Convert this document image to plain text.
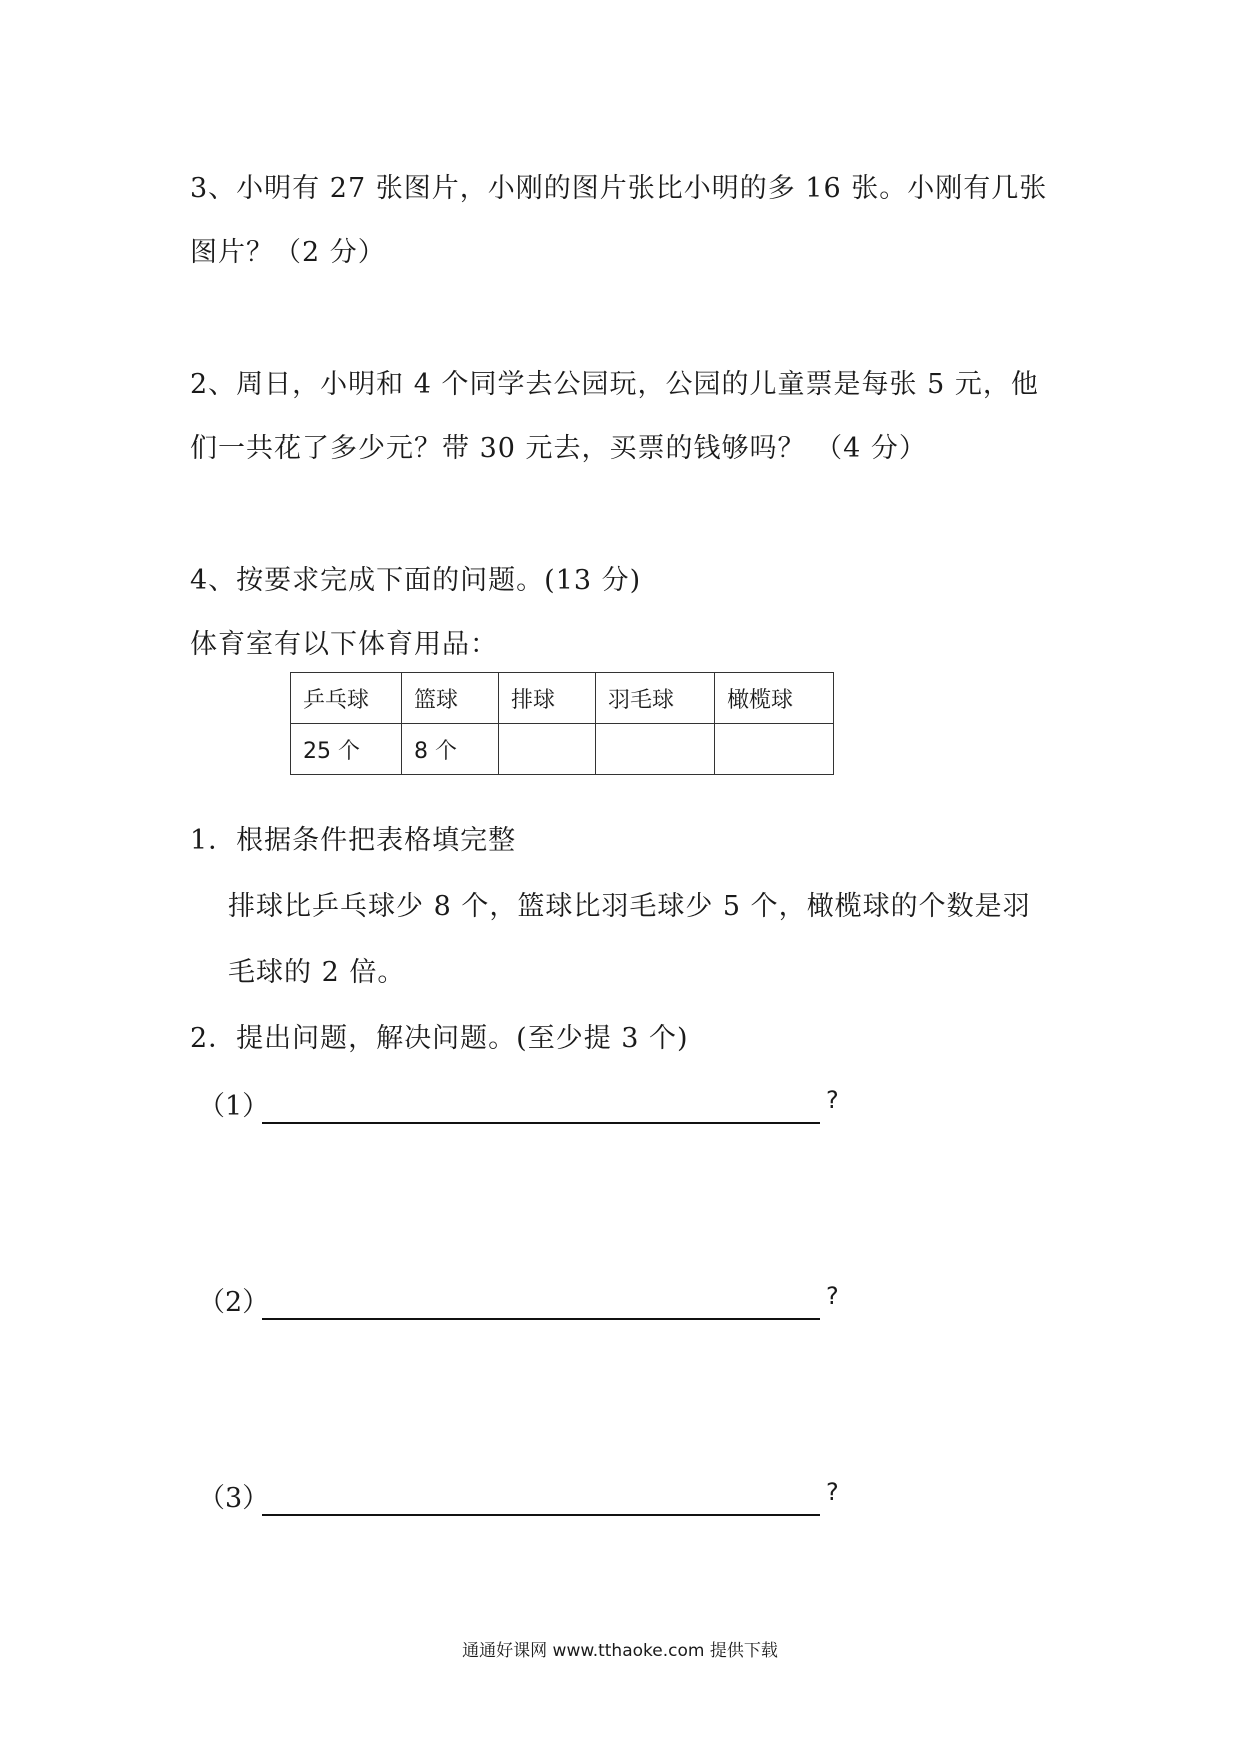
3、小明有 27 张图片，小刚的图片张比小明的多 16 张。小刚有几张
图片？（2 分）
2、周日，小明和 4 个同学去公园玩，公园的儿童票是每张 5 元，他
们一共花了多少元？带 30 元去，买票的钱够吗？ （4 分）
4、按要求完成下面的问题。(13 分)
体育室有以下体育用品：
乒乓球	篮球	排球	羽毛球	橄榄球
25 个	8 个			
1．根据条件把表格填完整
排球比乒乓球少 8 个，篮球比羽毛球少 5 个，橄榄球的个数是羽
毛球的 2 倍。
2．提出问题，解决问题。(至少提 3 个)
（1）	?
（2）	?
（3）	?
通通好课网 www.tthaoke.com 提供下载
